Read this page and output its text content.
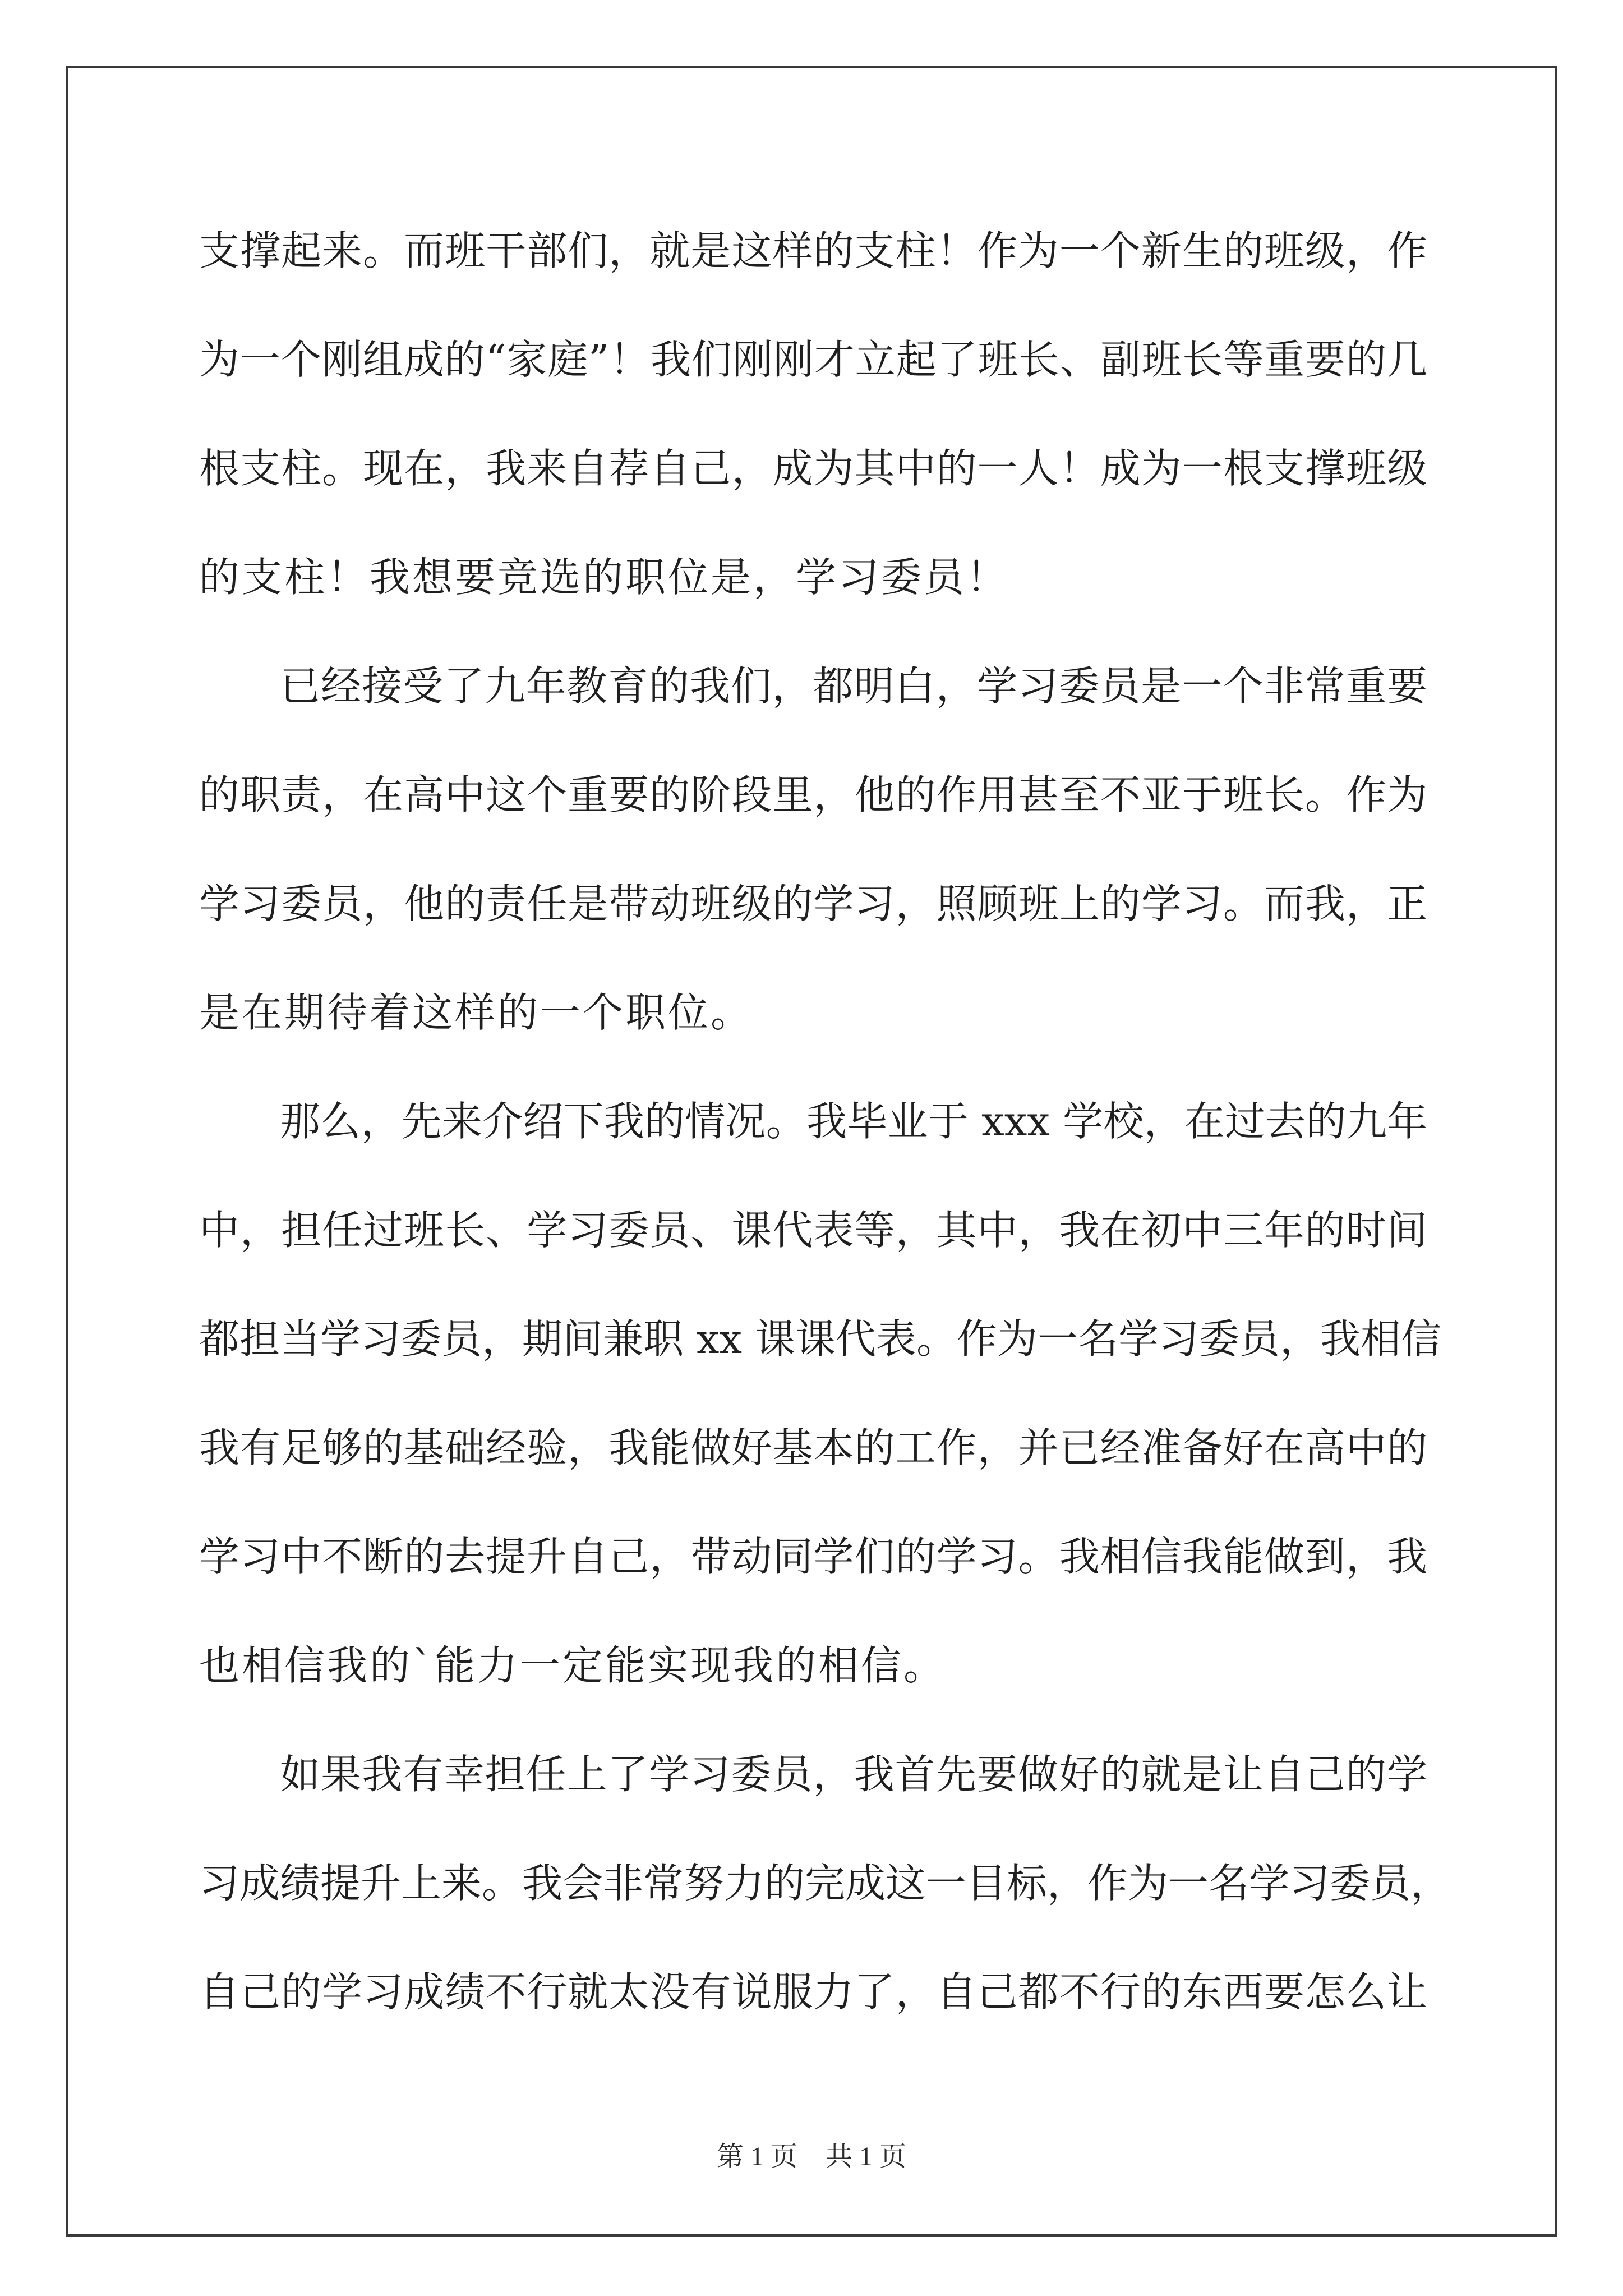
支撑起来。而班干部们，就是这样的支柱！作为一个新生的班级，作
为一个刚组成的“家庭”！我们刚刚才立起了班长、副班长等重要的几
根支柱。现在，我来自荐自己，成为其中的一人！成为一根支撑班级
的支柱！我想要竞选的职位是，学习委员！
已经接受了九年教育的我们，都明白，学习委员是一个非常重要
的职责，在高中这个重要的阶段里，他的作用甚至不亚于班长。作为
学习委员，他的责任是带动班级的学习，照顾班上的学习。而我，正
是在期待着这样的一个职位。
那么，先来介绍下我的情况。我毕业于 xxx 学校，在过去的九年
中，担任过班长、学习委员、课代表等，其中，我在初中三年的时间
都担当学习委员，期间兼职 xx 课课代表。作为一名学习委员，我相信
我有足够的基础经验，我能做好基本的工作，并已经准备好在高中的
学习中不断的去提升自己，带动同学们的学习。我相信我能做到，我
也相信我的`能力一定能实现我的相信。
如果我有幸担任上了学习委员，我首先要做好的就是让自己的学
习成绩提升上来。我会非常努力的完成这一目标，作为一名学习委员，
自己的学习成绩不行就太没有说服力了，自己都不行的东西要怎么让
第 1 页 共 1 页
